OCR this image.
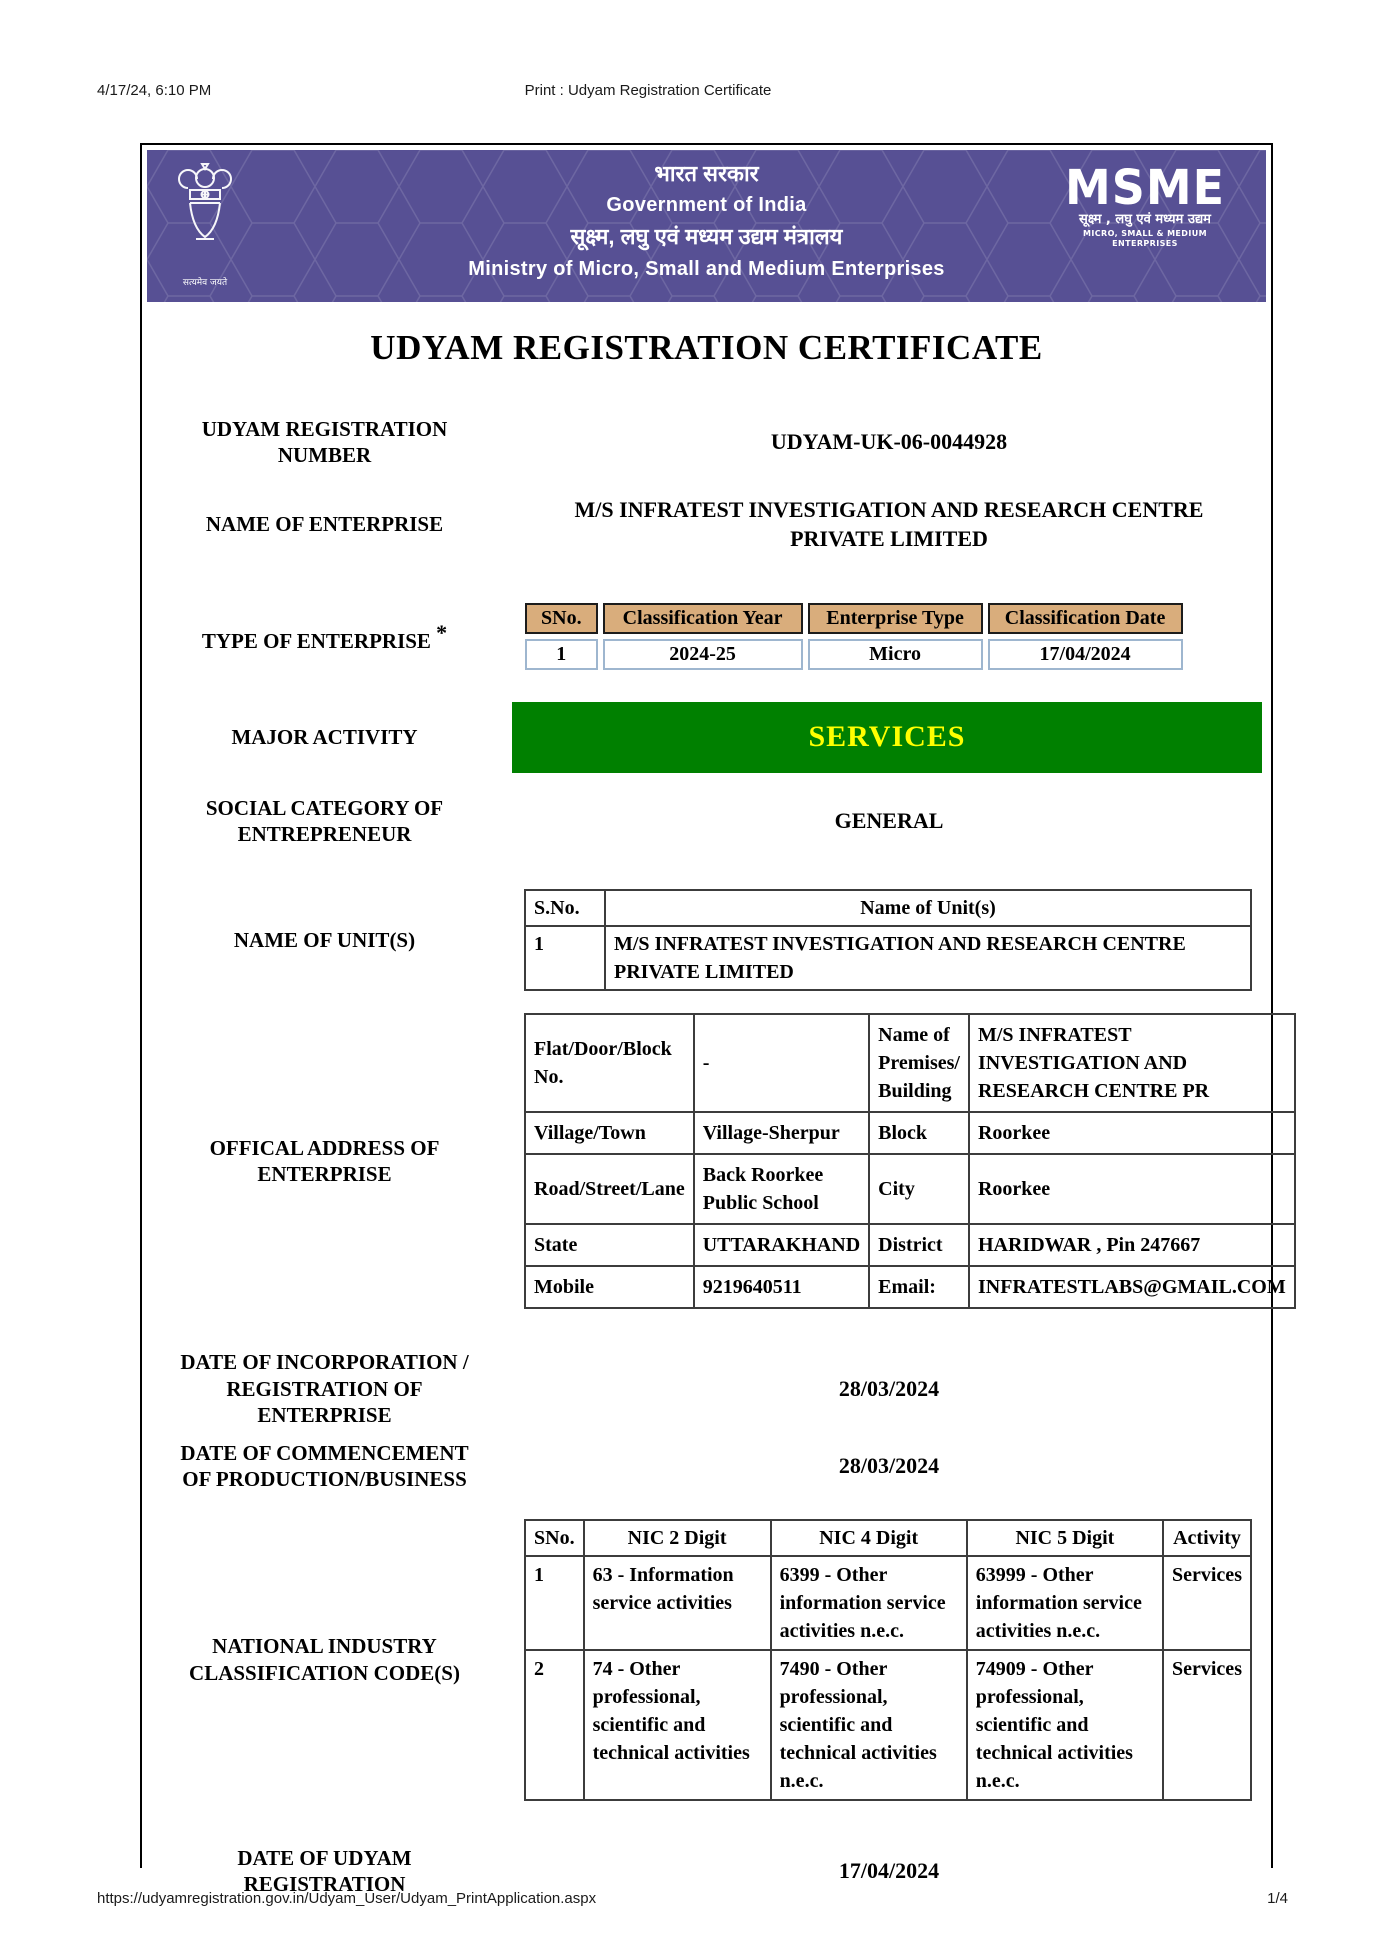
4/17/24, 6:10 PM	Print : Udyam Registration Certificate
सत्यमेव जयते
भारत सरकार
Government of India
सूक्ष्म, लघु एवं मध्यम उद्यम मंत्रालय
Ministry of Micro, Small and Medium Enterprises
MSME
सूक्ष्म , लघु एवं मध्यम उद्यम
MICRO, SMALL & MEDIUM ENTERPRISES
UDYAM REGISTRATION CERTIFICATE
UDYAM REGISTRATION NUMBER
UDYAM-UK-06-0044928
NAME OF ENTERPRISE
M/S INFRATEST INVESTIGATION AND RESEARCH CENTRE PRIVATE LIMITED
TYPE OF ENTERPRISE *
SNo.	Classification Year	Enterprise Type	Classification Date
1	2024-25	Micro	17/04/2024
MAJOR ACTIVITY	SERVICES
SOCIAL CATEGORY OF ENTREPRENEUR
GENERAL
NAME OF UNIT(S)
S.No.	Name of Unit(s)
1	M/S INFRATEST INVESTIGATION AND RESEARCH CENTRE PRIVATE LIMITED
OFFICAL ADDRESS OF ENTERPRISE
Flat/Door/Block No.	-	Name of Premises/ Building	M/S INFRATEST INVESTIGATION AND RESEARCH CENTRE PR
Village/Town	Village-Sherpur	Block	Roorkee
Road/Street/Lane	Back Roorkee Public School	City	Roorkee
State	UTTARAKHAND	District	HARIDWAR , Pin 247667
Mobile	9219640511	Email:	INFRATESTLABS@GMAIL.COM
DATE OF INCORPORATION / REGISTRATION OF ENTERPRISE
28/03/2024
DATE OF COMMENCEMENT OF PRODUCTION/BUSINESS
28/03/2024
NATIONAL INDUSTRY CLASSIFICATION CODE(S)
SNo.	NIC 2 Digit	NIC 4 Digit	NIC 5 Digit	Activity
1	63 - Information service activities	6399 - Other information service activities n.e.c.	63999 - Other information service activities n.e.c.	Services
2	74 - Other professional, scientific and technical activities	7490 - Other professional, scientific and technical activities n.e.c.	74909 - Other professional, scientific and technical activities n.e.c.	Services
DATE OF UDYAM REGISTRATION
17/04/2024
https://udyamregistration.gov.in/Udyam_User/Udyam_PrintApplication.aspx	1/4
